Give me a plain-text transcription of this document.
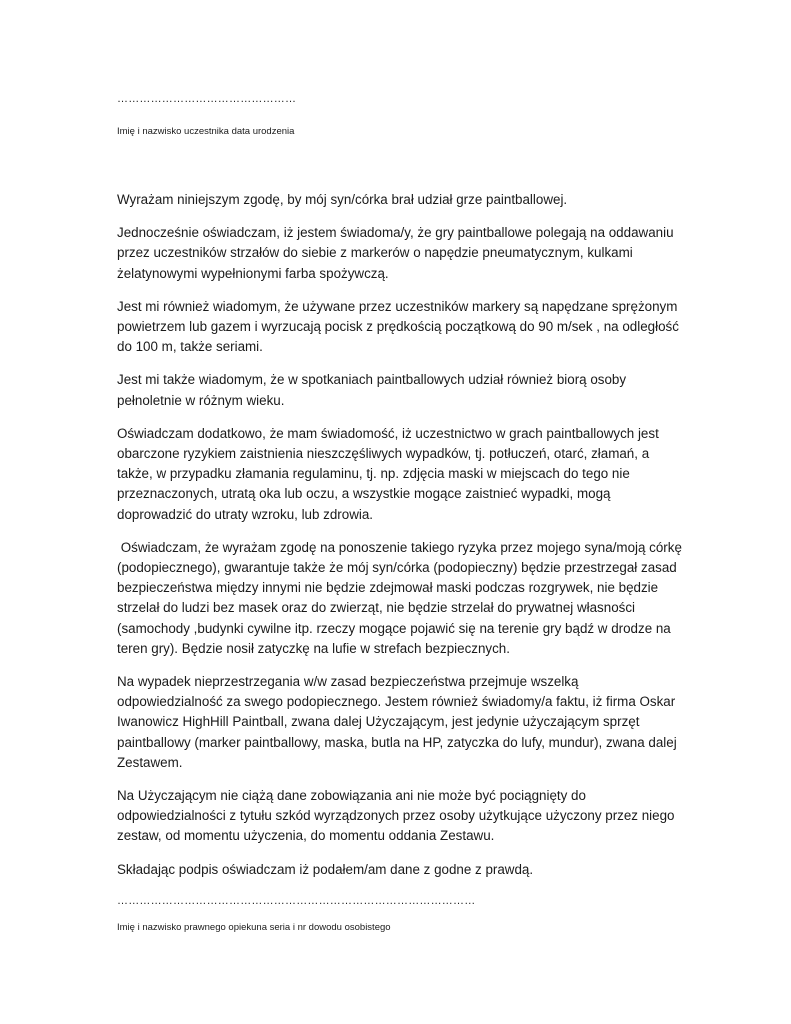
…………………………………………
Imię i nazwisko uczestnika data urodzenia

Wyrażam niniejszym zgodę, by mój syn/córka brał udział grze paintballowej.

Jednocześnie oświadczam, iż jestem świadoma/y, że gry paintballowe polegają na oddawaniu przez uczestników strzałów do siebie z markerów o napędzie pneumatycznym, kulkami żelatynowymi wypełnionymi farba spożywczą.

Jest mi również wiadomym, że używane przez uczestników markery są napędzane sprężonym powietrzem lub gazem i wyrzucają pocisk z prędkością początkową do 90 m/sek , na odległość do 100 m, także seriami.

Jest mi także wiadomym, że w spotkaniach paintballowych udział również biorą osoby pełnoletnie w różnym wieku.

Oświadczam dodatkowo, że mam świadomość, iż uczestnictwo w grach paintballowych jest obarczone ryzykiem zaistnienia nieszczęśliwych wypadków, tj. potłuczeń, otarć, złamań, a także, w przypadku złamania regulaminu, tj. np. zdjęcia maski w miejscach do tego nie przeznaczonych, utratą oka lub oczu, a wszystkie mogące zaistnieć wypadki, mogą doprowadzić do utraty wzroku, lub zdrowia.

Oświadczam, że wyrażam zgodę na ponoszenie takiego ryzyka przez mojego syna/moją córkę (podopiecznego), gwarantuje także że mój syn/córka (podopieczny) będzie przestrzegał zasad bezpieczeństwa między innymi nie będzie zdejmował maski podczas rozgrywek, nie będzie strzelał do ludzi bez masek oraz do zwierząt, nie będzie strzelał do prywatnej własności (samochody ,budynki cywilne itp. rzeczy mogące pojawić się na terenie gry bądź w drodze na teren gry). Będzie nosił zatyczkę na lufie w strefach bezpiecznych.

Na wypadek nieprzestrzegania w/w zasad bezpieczeństwa przejmuje wszelką odpowiedzialność za swego podopiecznego. Jestem również świadomy/a faktu, iż firma Oskar Iwanowicz HighHill Paintball, zwana dalej Użyczającym, jest jedynie użyczającym sprzęt paintballowy (marker paintballowy, maska, butla na HP, zatyczka do lufy, mundur), zwana dalej Zestawem.

Na Użyczającym nie ciążą dane zobowiązania ani nie może być pociągnięty do odpowiedzialności z tytułu szkód wyrządzonych przez osoby użytkujące użyczony przez niego zestaw, od momentu użyczenia, do momentu oddania Zestawu.

Składając podpis oświadczam iż podałem/am dane z godne z prawdą.

……………………………………………………………………………………
Imię i nazwisko prawnego opiekuna seria i nr dowodu osobistego
